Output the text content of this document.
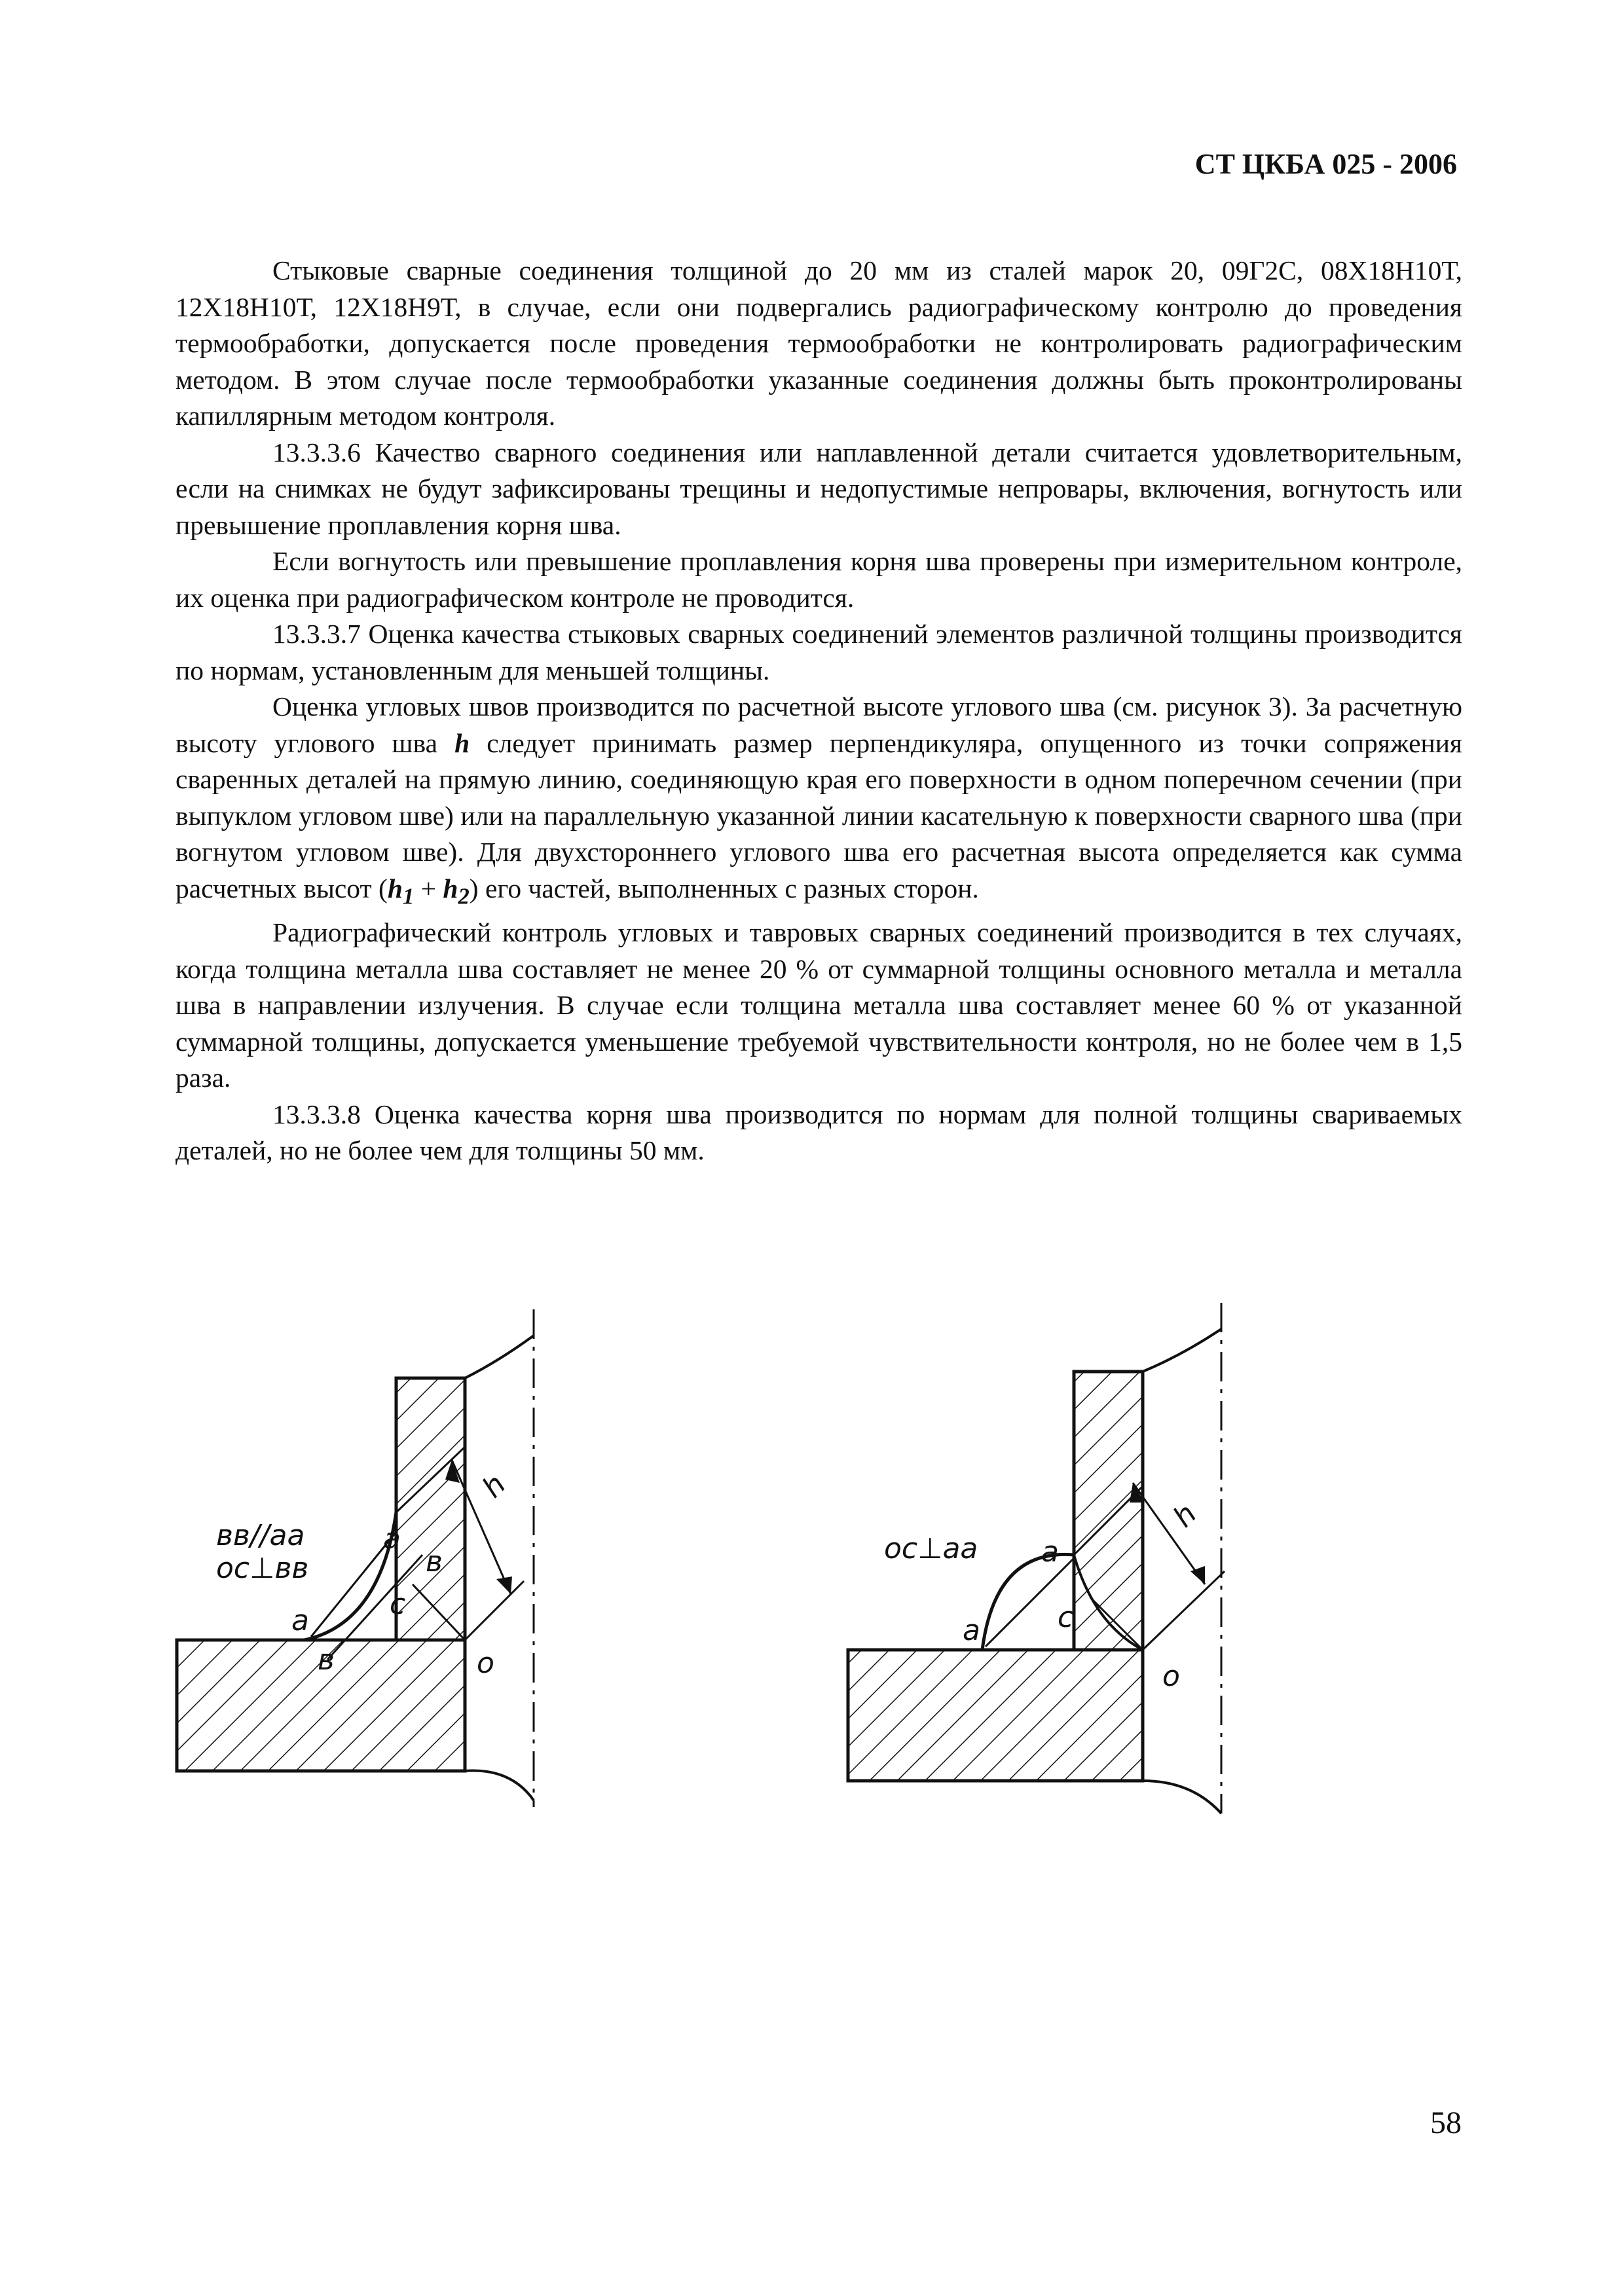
СТ ЦКБА 025 - 2006

Стыковые сварные соединения толщиной до 20 мм из сталей марок 20, 09Г2С, 08Х18Н10Т, 12Х18Н10Т, 12Х18Н9Т, в случае, если они подвергались радиографическому контролю до проведения термообработки, допускается после проведения термообработки не контролировать радиографическим методом. В этом случае после термообработки указанные соединения должны быть проконтролированы капиллярным методом контроля.

13.3.3.6 Качество сварного соединения или наплавленной детали считается удовлетворительным, если на снимках не будут зафиксированы трещины и недопустимые непровары, включения, вогнутость или превышение проплавления корня шва.

Если вогнутость или превышение проплавления корня шва проверены при измерительном контроле, их оценка при радиографическом контроле не проводится.

13.3.3.7 Оценка качества стыковых сварных соединений элементов различной толщины производится по нормам, установленным для меньшей толщины.

Оценка угловых швов производится по расчетной высоте углового шва (см. рисунок 3). За расчетную высоту углового шва h следует принимать размер перпендикуляра, опущенного из точки сопряжения сваренных деталей на прямую линию, соединяющую края его поверхности в одном поперечном сечении (при выпуклом угловом шве) или на параллельную указанной линии касательную к поверхности сварного шва (при вогнутом угловом шве). Для двухстороннего углового шва его расчетная высота определяется как сумма расчетных высот $(h_1 + h_2)$ его частей, выполненных с разных сторон.

Радиографический контроль угловых и тавровых сварных соединений производится в тех случаях, когда толщина металла шва составляет не менее 20 % от суммарной толщины основного металла и металла шва в направлении излучения. В случае если толщина металла шва составляет менее 60 % от указанной суммарной толщины, допускается уменьшение требуемой чувствительности контроля, но не более чем в 1,5 раза.

13.3.3.8 Оценка качества корня шва производится по нормам для полной толщины свариваемых деталей, но не более чем для толщины 50 мм.

вв//аа
ос⊥вв
а
а
в
в
с
о
h
ос⊥аа а
а	с
о
h
58
